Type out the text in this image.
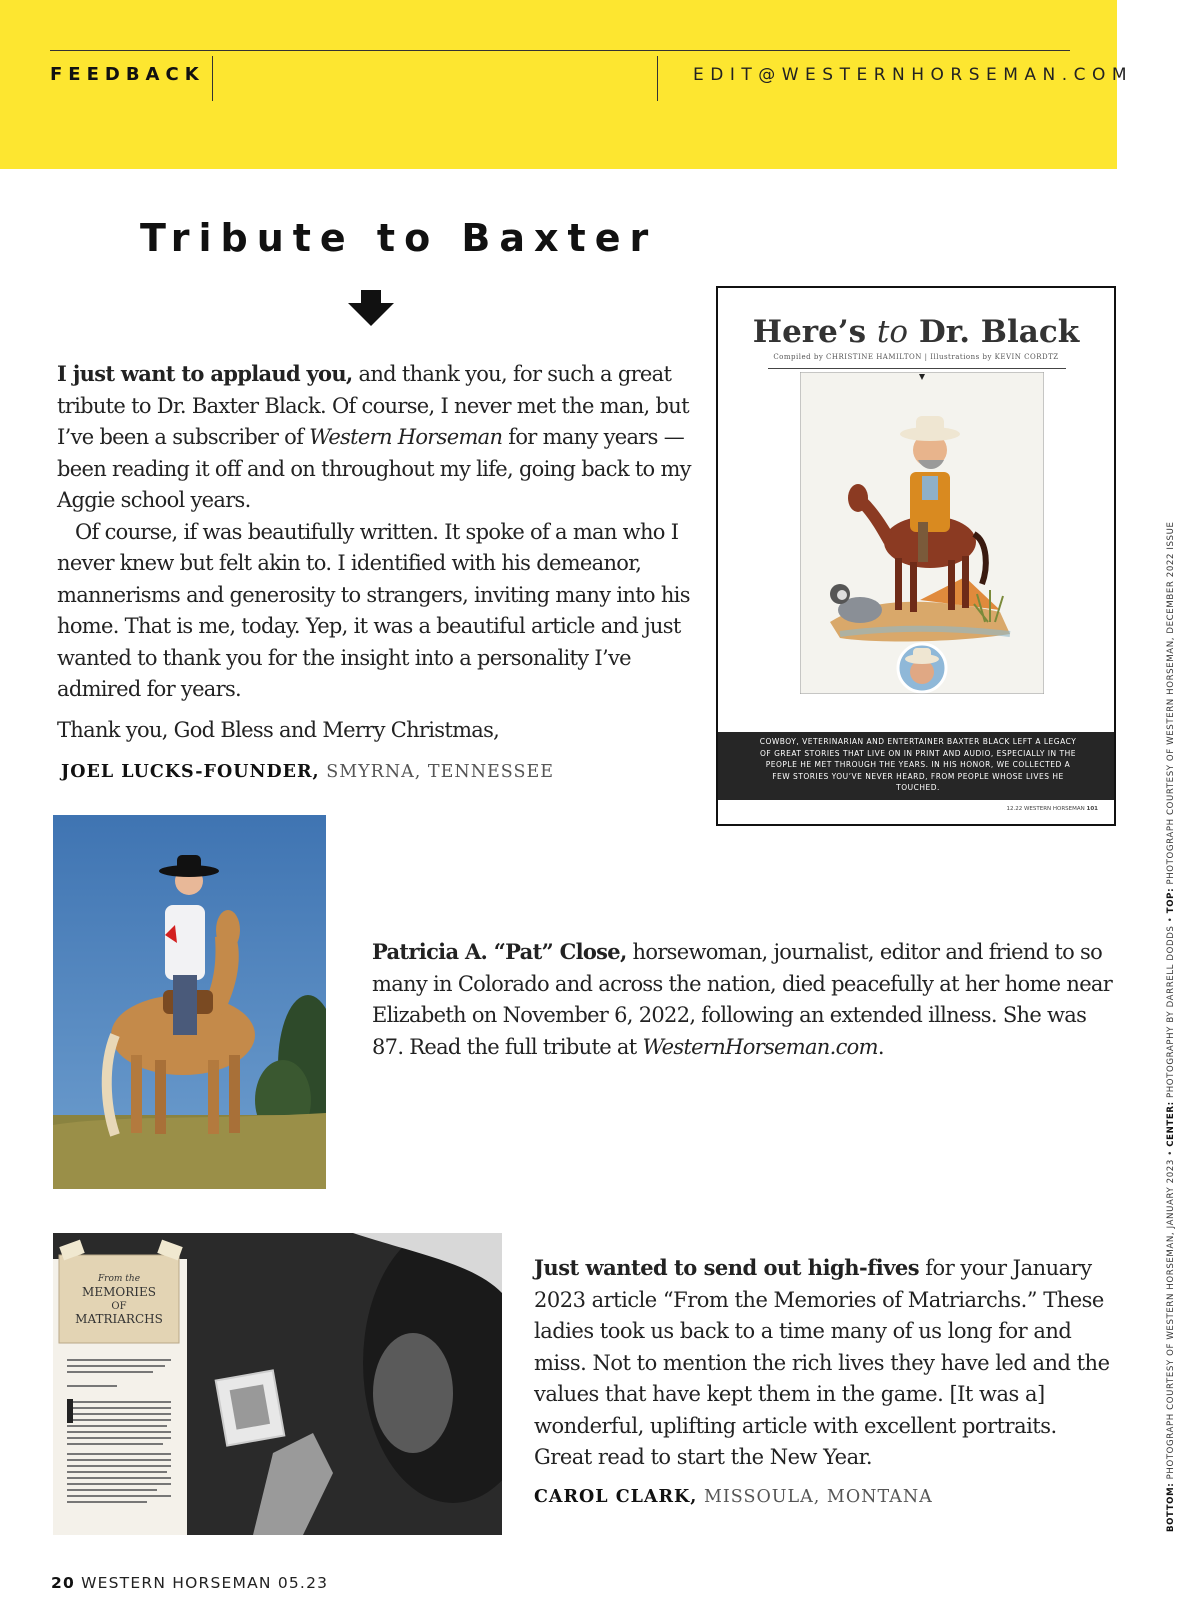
FEEDBACK	EDIT@WESTERNHORSEMAN.COM
Tribute to Baxter

I just want to applaud you, and thank you, for such a great tribute to Dr. Baxter Black. Of course, I never met the man, but I’ve been a subscriber of Western Horseman for many years — been reading it off and on throughout my life, going back to my Aggie school years.

Of course, if was beautifully written. It spoke of a man who I never knew but felt akin to. I identified with his demeanor, mannerisms and generosity to strangers, inviting many into his home. That is me, today. Yep, it was a beautiful article and just wanted to thank you for the insight into a personality I’ve admired for years.

Thank you, God Bless and Merry Christmas,

JOEL LUCKS-FOUNDER, SMYRNA, TENNESSEE
Here’s to Dr. Black
Compiled by CHRISTINE HAMILTON | Illustrations by KEVIN CORDTZ
COWBOY, VETERINARIAN AND ENTERTAINER BAXTER BLACK LEFT A LEGACY OF GREAT STORIES THAT LIVE ON IN PRINT AND AUDIO, ESPECIALLY IN THE PEOPLE HE MET THROUGH THE YEARS. IN HIS HONOR, WE COLLECTED A FEW STORIES YOU’VE NEVER HEARD, FROM PEOPLE WHOSE LIVES HE TOUCHED.
12.22 WESTERN HORSEMAN 101
Patricia A. “Pat” Close, horsewoman, journalist, editor and friend to so many in Colorado and across the nation, died peacefully at her home near Elizabeth on November 6, 2022, following an extended illness. She was 87. Read the full tribute at WesternHorseman.com.
From the
MEMORIES
OF
MATRIARCHS
Just wanted to send out high-fives for your January 2023 article “From the Memories of Matriarchs.” These ladies took us back to a time many of us long for and miss. Not to mention the rich lives they have led and the values that have kept them in the game. [It was a] wonderful, uplifting article with excellent portraits. Great read to start the New Year.
CAROL CLARK, MISSOULA, MONTANA	BOTTOM: PHOTOGRAPH COURTESY OF WESTERN HORSEMAN, JANUARY 2023 • CENTER: PHOTOGRAPHY BY DARRELL DODDS • TOP: PHOTOGRAPH COURTESY OF WESTERN HORSEMAN, DECEMBER 2022 ISSUE
20 WESTERN HORSEMAN 05.23
